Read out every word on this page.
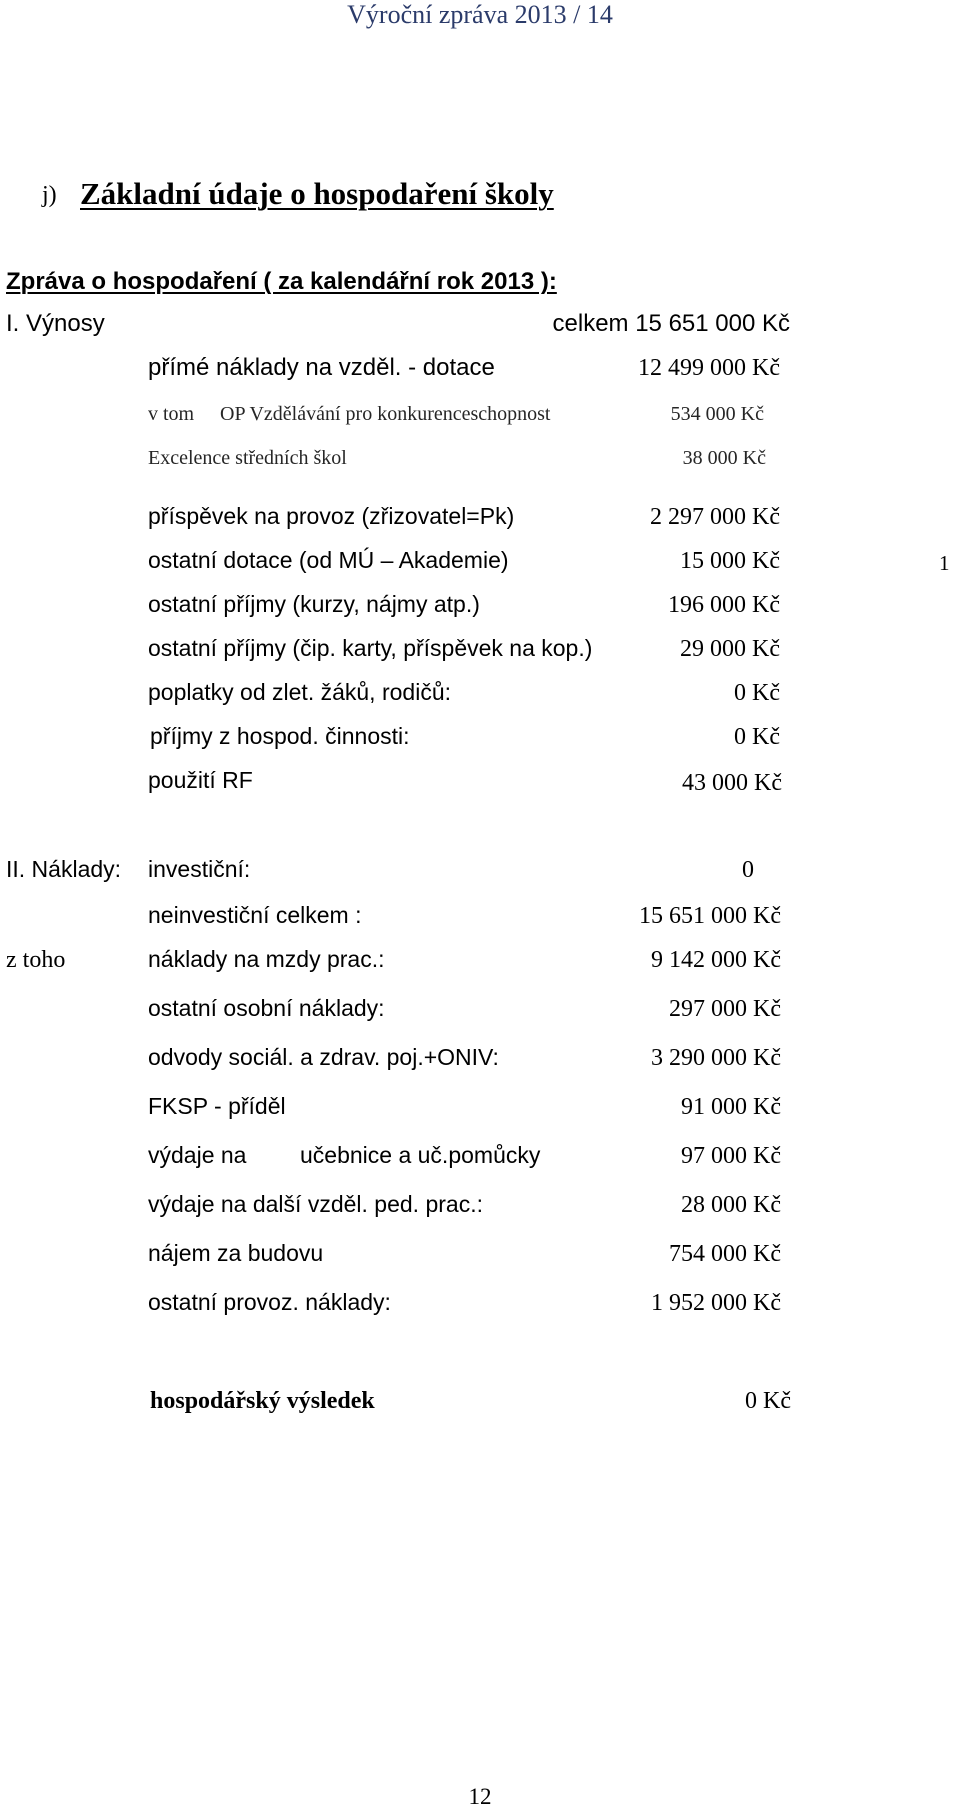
Výroční zpráva 2013 / 14
j) Základní údaje o hospodaření školy
Zpráva o hospodaření ( za kalendářní rok 2013 ):
I. Výnosy	celkem 15 651 000 Kč
přímé náklady na vzděl. - dotace	12 499 000 Kč
v tom OP Vzdělávání pro konkurenceschopnost	534 000 Kč
Excelence středních škol	38 000 Kč
příspěvek na provoz (zřizovatel=Pk)	2 297 000 Kč
ostatní dotace (od MÚ – Akademie)	15 000 Kč	1
ostatní příjmy (kurzy, nájmy atp.)	196 000 Kč
ostatní příjmy (čip. karty, příspěvek na kop.)	29 000 Kč
poplatky od zlet. žáků, rodičů:	0 Kč
příjmy z hospod. činnosti:	0 Kč
použití RF	43 000 Kč
II. Náklady: investiční:	0
neinvestiční celkem :	15 651 000 Kč
z toho	náklady na mzdy prac.:	9 142 000 Kč
ostatní osobní náklady:	297 000 Kč
odvody sociál. a zdrav. poj.+ONIV:	3 290 000 Kč
FKSP - příděl	91 000 Kč
výdaje na učebnice a uč.pomůcky	97 000 Kč
výdaje na další vzděl. ped. prac.:	28 000 Kč
nájem za budovu	754 000 Kč
ostatní provoz. náklady:	1 952 000 Kč
hospodářský výsledek	0 Kč
12
